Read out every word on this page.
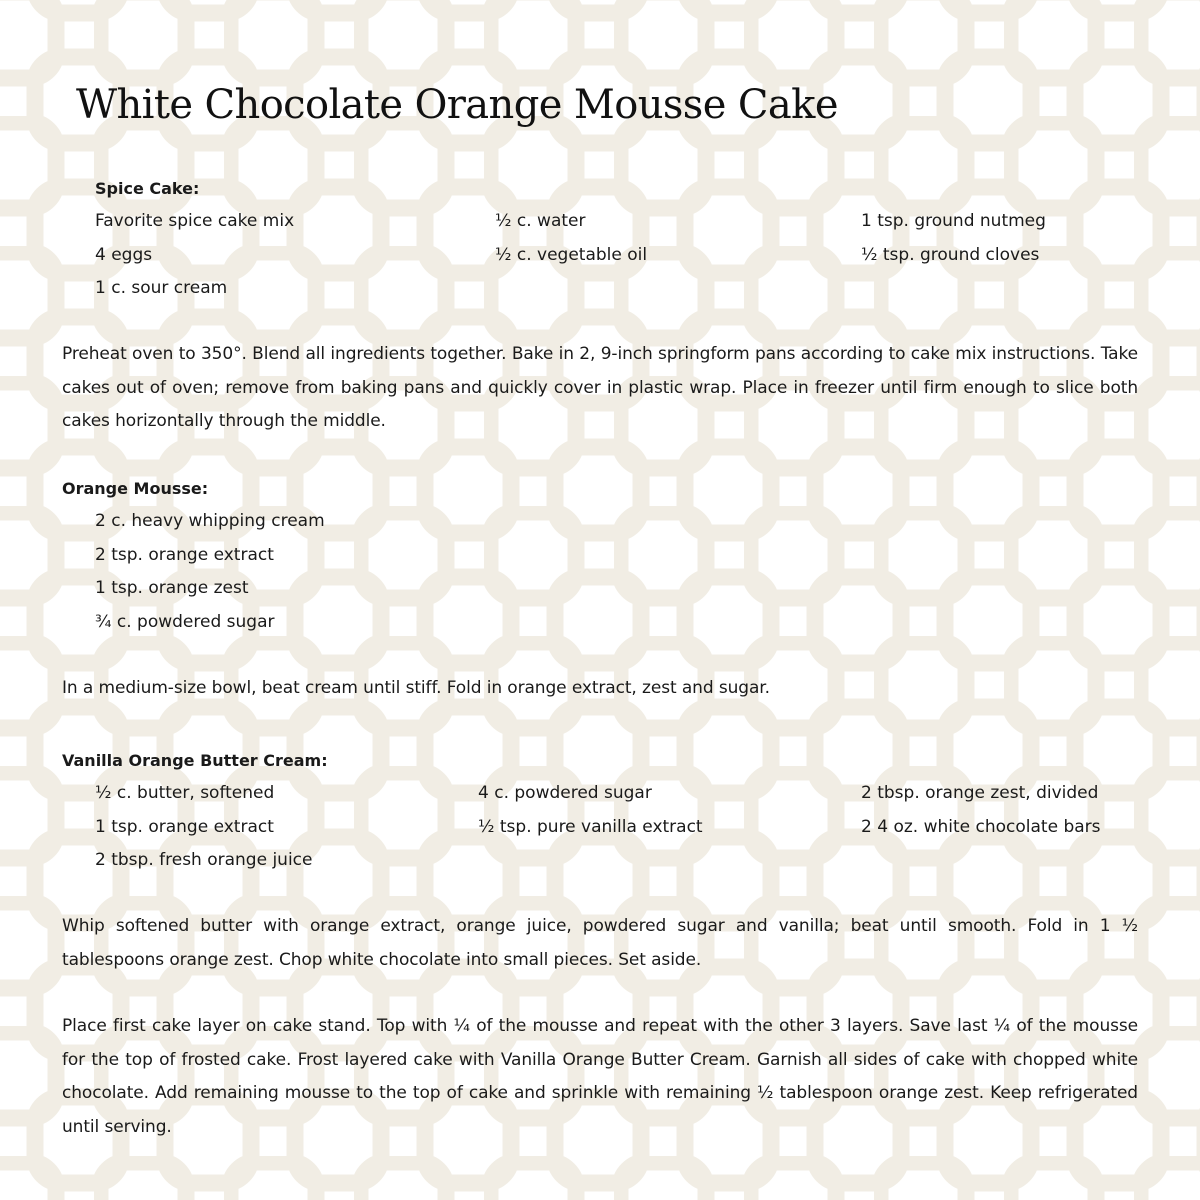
White Chocolate Orange Mousse Cake

Spice Cake:

Favorite spice cake mix
4 eggs
1 c. sour cream
½ c. water
½ c. vegetable oil
1 tsp. ground nutmeg
½ tsp. ground cloves

Preheat oven to 350°. Blend all ingredients together. Bake in 2, 9-inch springform pans according to cake mix instructions. Take cakes out of oven; remove from baking pans and quickly cover in plastic wrap. Place in freezer until firm enough to slice both cakes horizontally through the middle.

Orange Mousse:

2 c. heavy whipping cream
2 tsp. orange extract
1 tsp. orange zest
¾ c. powdered sugar

In a medium-size bowl, beat cream until stiff. Fold in orange extract, zest and sugar.

Vanilla Orange Butter Cream:

½ c. butter, softened
1 tsp. orange extract
2 tbsp. fresh orange juice
4 c. powdered sugar
½ tsp. pure vanilla extract
2 tbsp. orange zest, divided
2 4 oz. white chocolate bars

Whip softened butter with orange extract, orange juice, powdered sugar and vanilla; beat until smooth. Fold in 1 ½ tablespoons orange zest. Chop white chocolate into small pieces. Set aside.

Place first cake layer on cake stand. Top with ¼ of the mousse and repeat with the other 3 layers. Save last ¼ of the mousse for the top of frosted cake. Frost layered cake with Vanilla Orange Butter Cream. Garnish all sides of cake with chopped white chocolate. Add remaining mousse to the top of cake and sprinkle with remaining ½ tablespoon orange zest. Keep refrigerated until serving.
